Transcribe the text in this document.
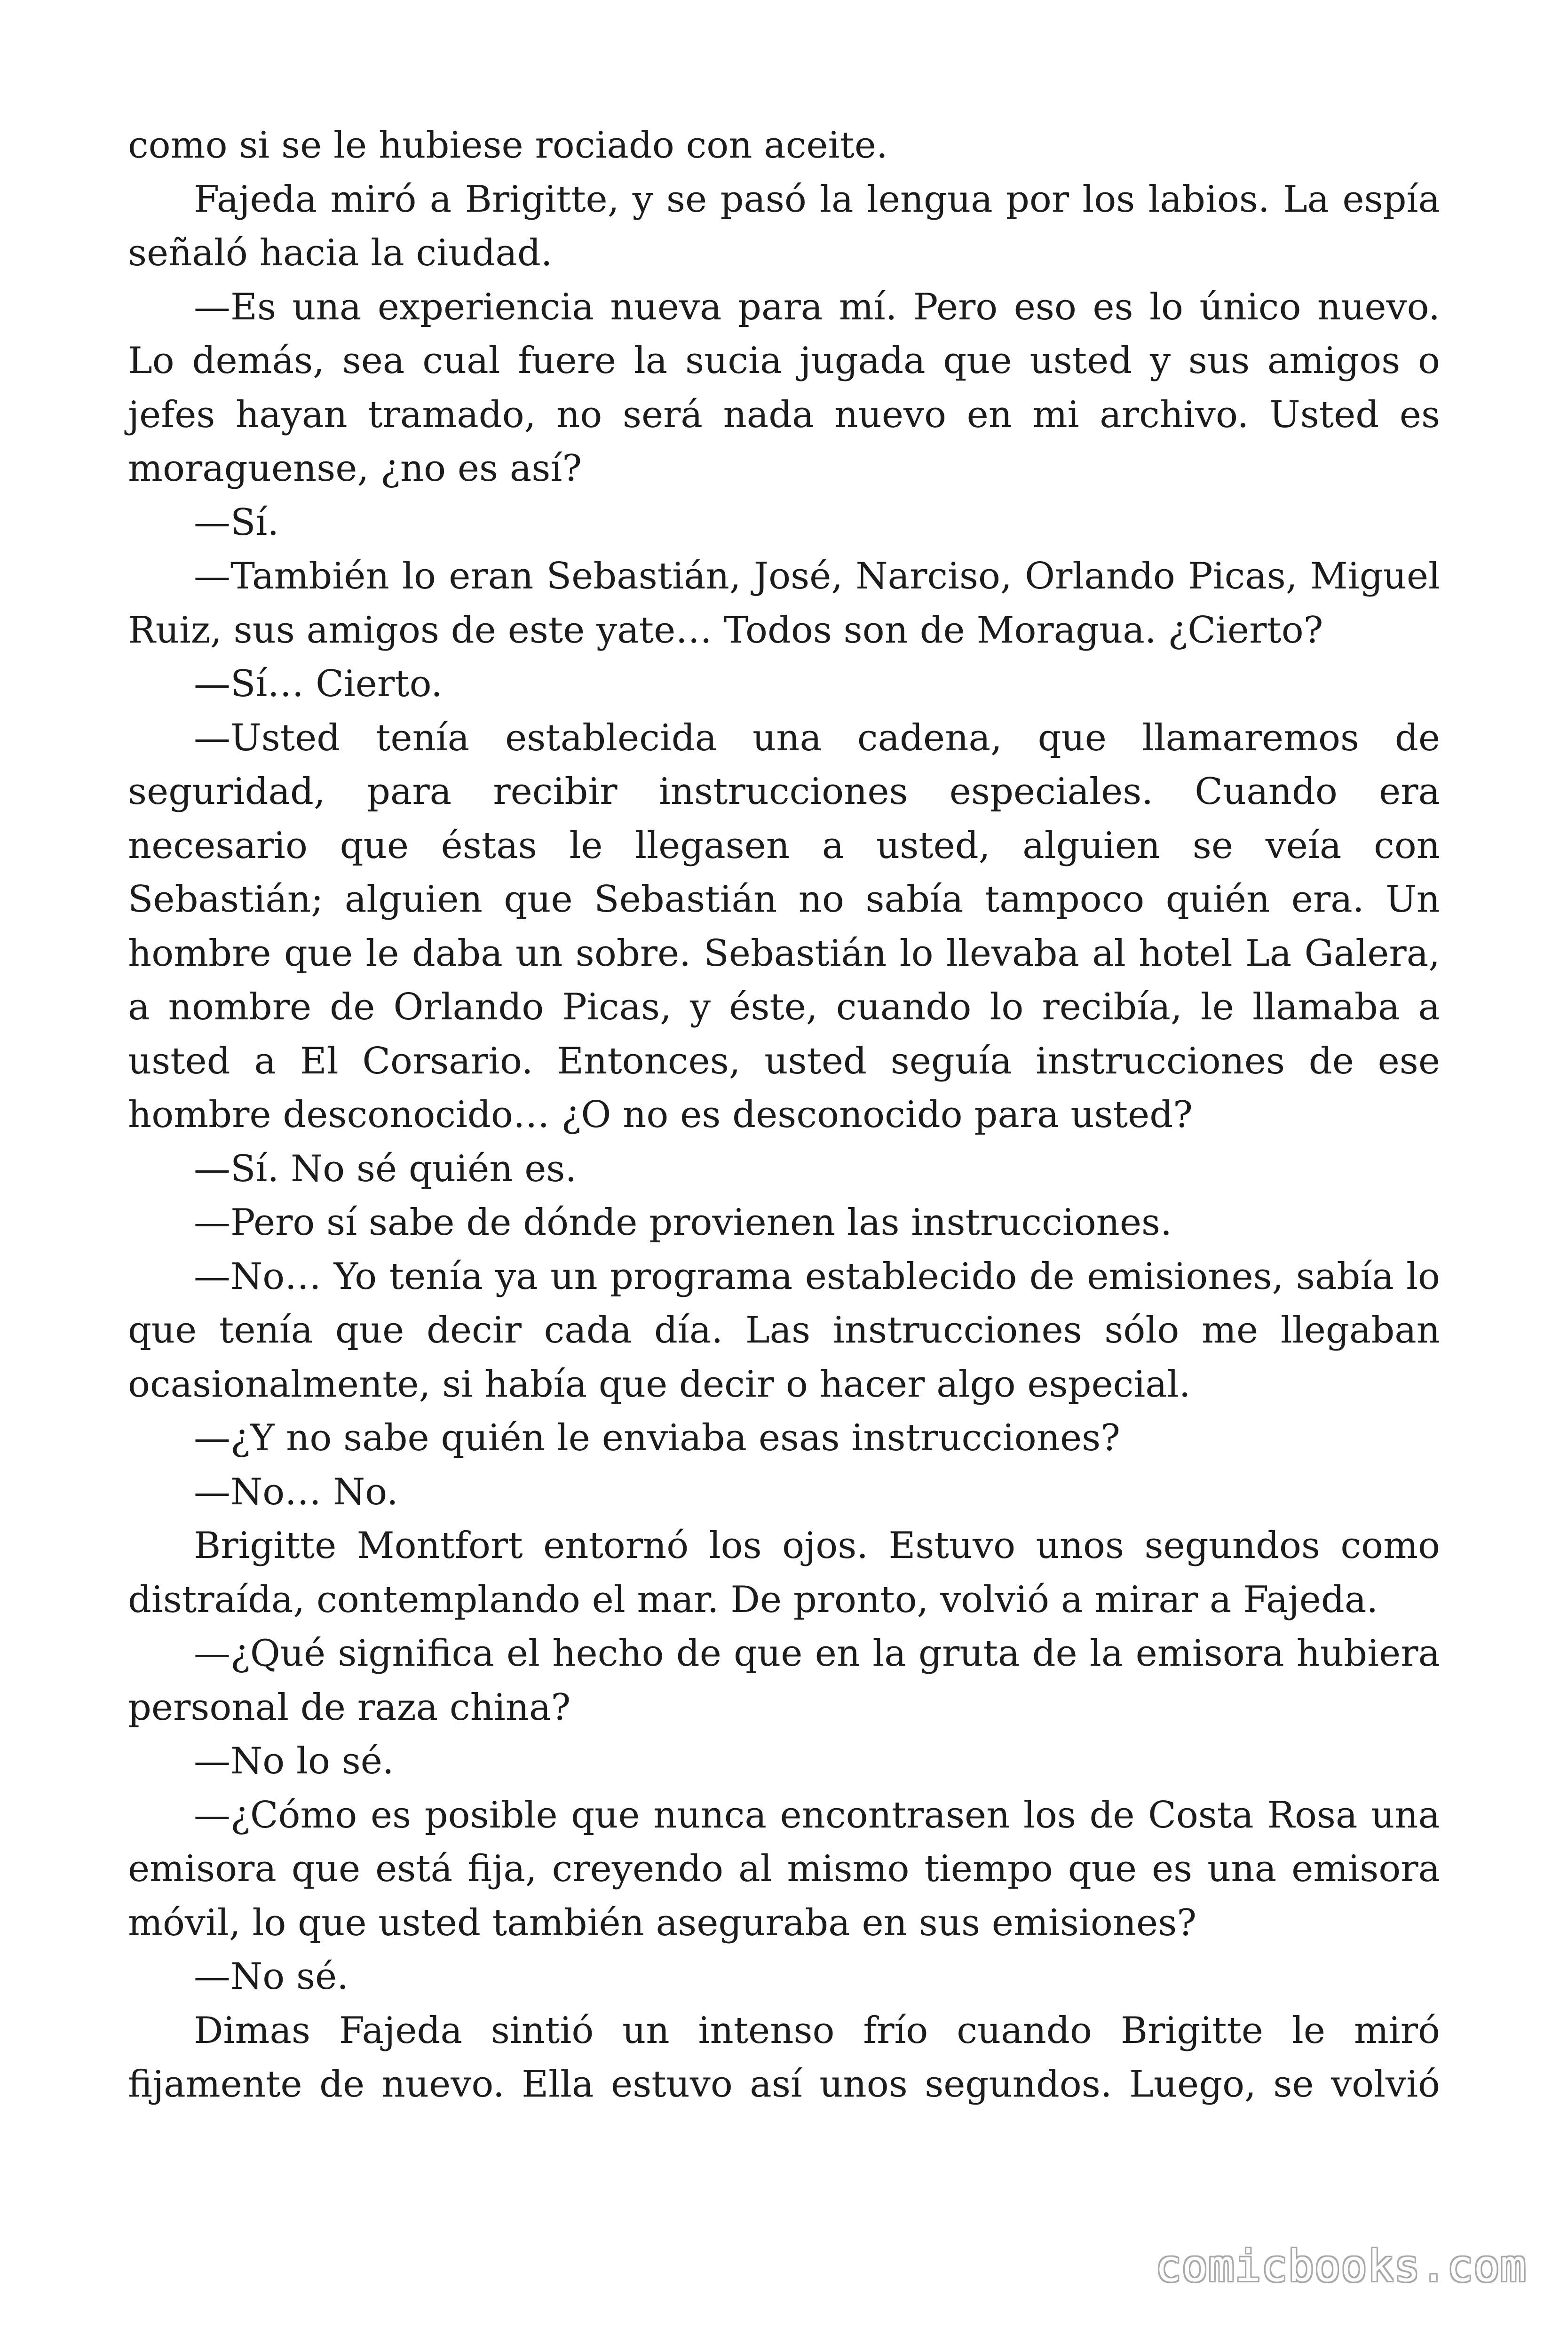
como si se le hubiese rociado con aceite.

Fajeda miró a Brigitte, y se pasó la lengua por los labios. La espía señaló hacia la ciudad.

—Es una experiencia nueva para mí. Pero eso es lo único nuevo. Lo demás, sea cual fuere la sucia jugada que usted y sus amigos o jefes hayan tramado, no será nada nuevo en mi archivo. Usted es moraguense, ¿no es así?

—Sí.

—También lo eran Sebastián, José, Narciso, Orlando Picas, Miguel Ruiz, sus amigos de este yate… Todos son de Moragua. ¿Cierto?

—Sí… Cierto.

—Usted tenía establecida una cadena, que llamaremos de seguridad, para recibir instrucciones especiales. Cuando era necesario que éstas le llegasen a usted, alguien se veía con Sebastián; alguien que Sebastián no sabía tampoco quién era. Un hombre que le daba un sobre. Sebastián lo llevaba al hotel La Galera, a nombre de Orlando Picas, y éste, cuando lo recibía, le llamaba a usted a El Corsario. Entonces, usted seguía instrucciones de ese hombre desconocido… ¿O no es desconocido para usted?

—Sí. No sé quién es.

—Pero sí sabe de dónde provienen las instrucciones.

—No… Yo tenía ya un programa establecido de emisiones, sabía lo que tenía que decir cada día. Las instrucciones sólo me llegaban ocasionalmente, si había que decir o hacer algo especial.

—¿Y no sabe quién le enviaba esas instrucciones?

—No… No.

Brigitte Montfort entornó los ojos. Estuvo unos segundos como distraída, contemplando el mar. De pronto, volvió a mirar a Fajeda.

—¿Qué significa el hecho de que en la gruta de la emisora hubiera personal de raza china?

—No lo sé.

—¿Cómo es posible que nunca encontrasen los de Costa Rosa una emisora que está fija, creyendo al mismo tiempo que es una emisora móvil, lo que usted también aseguraba en sus emisiones?

—No sé.

Dimas Fajeda sintió un intenso frío cuando Brigitte le miró fijamente de nuevo. Ella estuvo así unos segundos. Luego, se volvió

comicbooks.com
